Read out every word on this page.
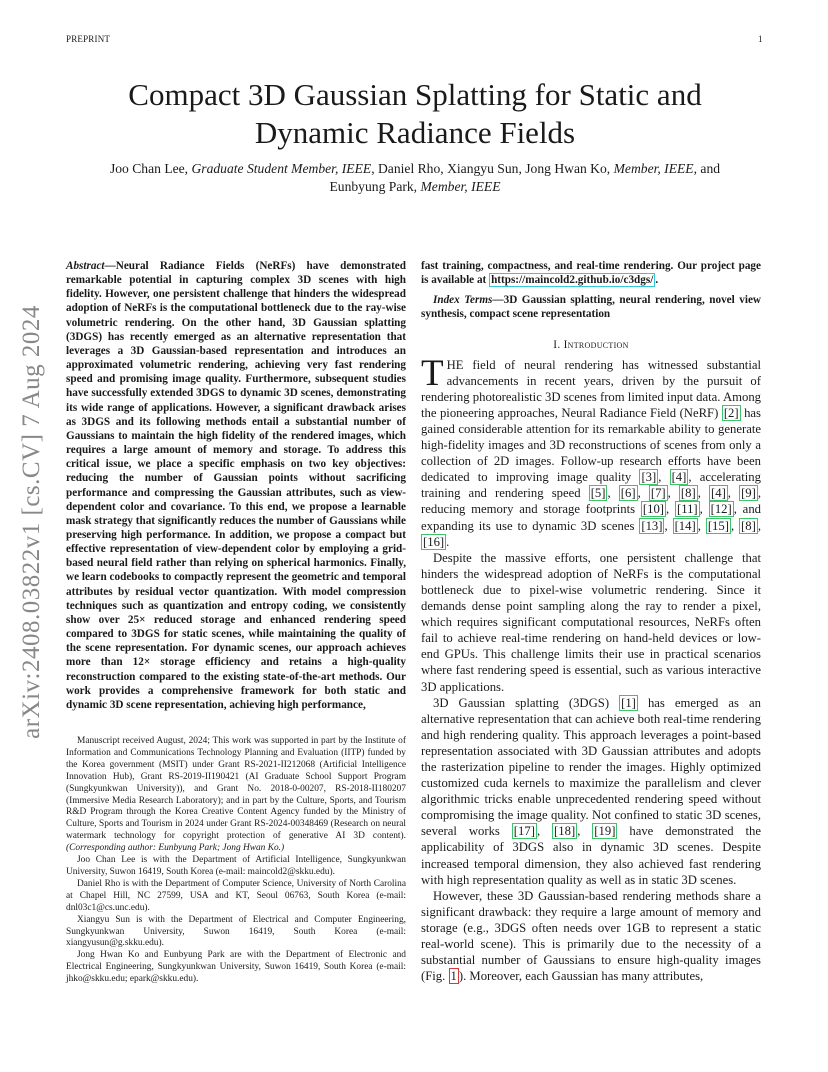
PREPRINT	1
arXiv:2408.03822v1 [cs.CV] 7 Aug 2024
Compact 3D Gaussian Splatting for Static and
Dynamic Radiance Fields
Joo Chan Lee, Graduate Student Member, IEEE, Daniel Rho, Xiangyu Sun, Jong Hwan Ko, Member, IEEE, and
Eunbyung Park, Member, IEEE
Abstract—Neural Radiance Fields (NeRFs) have demonstrated remarkable potential in capturing complex 3D scenes with high fidelity. However, one persistent challenge that hinders the widespread adoption of NeRFs is the computational bottleneck due to the ray-wise volumetric rendering. On the other hand, 3D Gaussian splatting (3DGS) has recently emerged as an alternative representation that leverages a 3D Gaussian-based representation and introduces an approximated volumetric rendering, achieving very fast rendering speed and promising image quality. Furthermore, subsequent studies have successfully extended 3DGS to dynamic 3D scenes, demonstrating its wide range of applications. However, a significant drawback arises as 3DGS and its following methods entail a substantial number of Gaussians to maintain the high fidelity of the rendered images, which requires a large amount of memory and storage. To address this critical issue, we place a specific emphasis on two key objectives: reducing the number of Gaussian points without sacrificing performance and compressing the Gaussian attributes, such as view-dependent color and covariance. To this end, we propose a learnable mask strategy that significantly reduces the number of Gaussians while preserving high performance. In addition, we propose a compact but effective representation of view-dependent color by employing a grid-based neural field rather than relying on spherical harmonics. Finally, we learn codebooks to compactly represent the geometric and temporal attributes by residual vector quantization. With model compression techniques such as quantization and entropy coding, we consistently show over 25× reduced storage and enhanced rendering speed compared to 3DGS for static scenes, while maintaining the quality of the scene representation. For dynamic scenes, our approach achieves more than 12× storage efficiency and retains a high-quality reconstruction compared to the existing state-of-the-art methods. Our work provides a comprehensive framework for both static and dynamic 3D scene representation, achieving high performance,

Manuscript received August, 2024; This work was supported in part by the Institute of Information and Communications Technology Planning and Evaluation (IITP) funded by the Korea government (MSIT) under Grant RS-2021-II212068 (Artificial Intelligence Innovation Hub), Grant RS-2019-II190421 (AI Graduate School Support Program (Sungkyunkwan University)), and Grant No. 2018-0-00207, RS-2018-II180207 (Immersive Media Research Laboratory); and in part by the Culture, Sports, and Tourism R&D Program through the Korea Creative Content Agency funded by the Ministry of Culture, Sports and Tourism in 2024 under Grant RS-2024-00348469 (Research on neural watermark technology for copyright protection of generative AI 3D content). (Corresponding author: Eunbyung Park; Jong Hwan Ko.)

Joo Chan Lee is with the Department of Artificial Intelligence, Sungkyunkwan University, Suwon 16419, South Korea (e-mail: maincold2@skku.edu).

Daniel Rho is with the Department of Computer Science, University of North Carolina at Chapel Hill, NC 27599, USA and KT, Seoul 06763, South Korea (e-mail: dnl03c1@cs.unc.edu).

Xiangyu Sun is with the Department of Electrical and Computer Engineering, Sungkyunkwan University, Suwon 16419, South Korea (e-mail: xiangyusun@g.skku.edu).

Jong Hwan Ko and Eunbyung Park are with the Department of Electronic and Electrical Engineering, Sungkyunkwan University, Suwon 16419, South Korea (e-mail: jhko@skku.edu; epark@skku.edu).

fast training, compactness, and real-time rendering. Our project page is available at https://maincold2.github.io/c3dgs/ .
Index Terms—3D Gaussian splatting, neural rendering, novel view synthesis, compact scene representation
I. Introduction

THE field of neural rendering has witnessed substantial advancements in recent years, driven by the pursuit of rendering photorealistic 3D scenes from limited input data. Among the pioneering approaches, Neural Radiance Field (NeRF) [2] has gained considerable attention for its remarkable ability to generate high-fidelity images and 3D reconstructions of scenes from only a collection of 2D images. Follow-up research efforts have been dedicated to improving image quality [3] , [4] , accelerating training and rendering speed [5] , [6] , [7] , [8] , [4] , [9] , reducing memory and storage footprints [10] , [11] , [12] , and expanding its use to dynamic 3D scenes [13] , [14] , [15] , [8] , [16] .

Despite the massive efforts, one persistent challenge that hinders the widespread adoption of NeRFs is the computational bottleneck due to pixel-wise volumetric rendering. Since it demands dense point sampling along the ray to render a pixel, which requires significant computational resources, NeRFs often fail to achieve real-time rendering on hand-held devices or low-end GPUs. This challenge limits their use in practical scenarios where fast rendering speed is essential, such as various interactive 3D applications.

3D Gaussian splatting (3DGS) [1] has emerged as an alternative representation that can achieve both real-time rendering and high rendering quality. This approach leverages a point-based representation associated with 3D Gaussian attributes and adopts the rasterization pipeline to render the images. Highly optimized customized cuda kernels to maximize the parallelism and clever algorithmic tricks enable unprecedented rendering speed without compromising the image quality. Not confined to static 3D scenes, several works [17] , [18] , [19] have demonstrated the applicability of 3DGS also in dynamic 3D scenes. Despite increased temporal dimension, they also achieved fast rendering with high representation quality as well as in static 3D scenes.

However, these 3D Gaussian-based rendering methods share a significant drawback: they require a large amount of memory and storage (e.g., 3DGS often needs over 1GB to represent a static real-world scene). This is primarily due to the necessity of a substantial number of Gaussians to ensure high-quality images (Fig. 1 ). Moreover, each Gaussian has many attributes,
